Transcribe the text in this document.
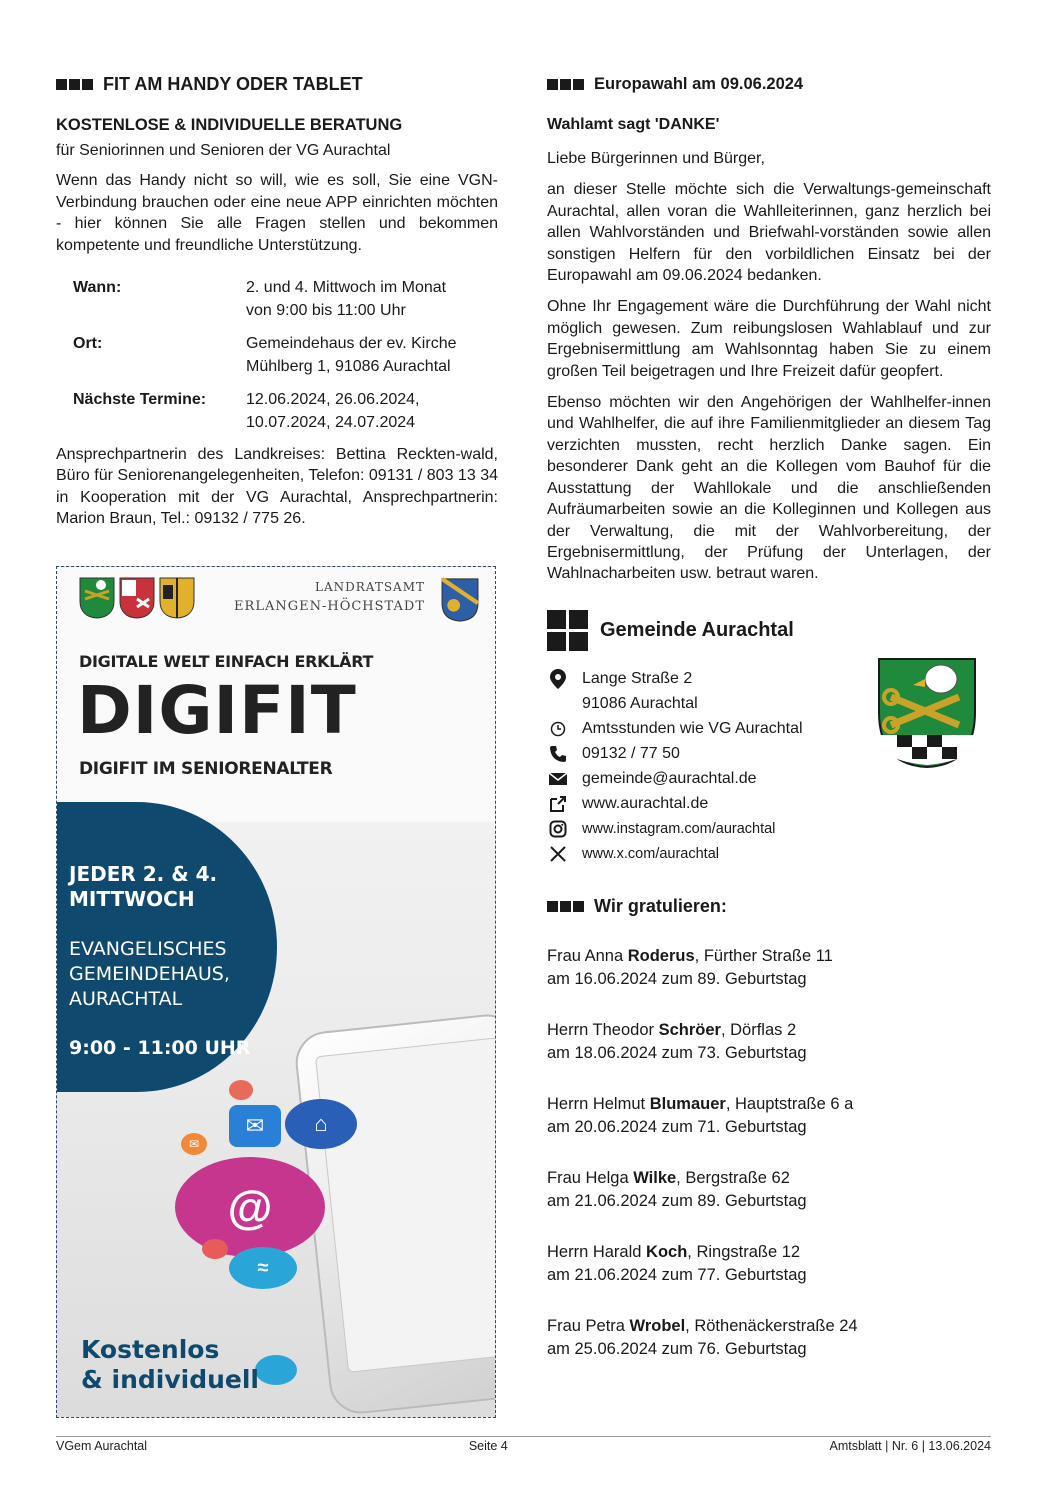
FIT AM HANDY ODER TABLET
KOSTENLOSE & INDIVIDUELLE BERATUNG
für Seniorinnen und Senioren der VG Aurachtal
Wenn das Handy nicht so will, wie es soll, Sie eine VGN-Verbindung brauchen oder eine neue APP einrichten möchten - hier können Sie alle Fragen stellen und bekommen kompetente und freundliche Unterstützung.
Wann:	2. und 4. Mittwoch im Monat
von 9:00 bis 11:00 Uhr
Ort:	Gemeindehaus der ev. Kirche
Mühlberg 1, 91086 Aurachtal
Nächste Termine:	12.06.2024, 26.06.2024,
10.07.2024, 24.07.2024
Ansprechpartnerin des Landkreises: Bettina Reckten-wald, Büro für Seniorenangelegenheiten, Telefon: 09131 / 803 13 34 in Kooperation mit der VG Aurachtal, Ansprechpartnerin: Marion Braun, Tel.: 09132 / 775 26.
LANDRATSAMT
ERLANGEN-HÖCHSTADT
DIGITALE WELT EINFACH ERKLÄRT
DIGIFIT
DIGIFIT IM SENIORENALTER
JEDER 2. & 4.
MITTWOCH
EVANGELISCHES
GEMEINDEHAUS,
AURACHTAL
9:00 - 11:00 UHR
✉
✉	⌂
@
≈
Kostenlos
& individuell
Europawahl am 09.06.2024
Wahlamt sagt 'DANKE'
Liebe Bürgerinnen und Bürger,
an dieser Stelle möchte sich die Verwaltungs-gemeinschaft Aurachtal, allen voran die Wahlleiterinnen, ganz herzlich bei allen Wahlvorständen und Briefwahl-vorständen sowie allen sonstigen Helfern für den vorbildlichen Einsatz bei der Europawahl am 09.06.2024 bedanken.
Ohne Ihr Engagement wäre die Durchführung der Wahl nicht möglich gewesen. Zum reibungslosen Wahlablauf und zur Ergebnisermittlung am Wahlsonntag haben Sie zu einem großen Teil beigetragen und Ihre Freizeit dafür geopfert.
Ebenso möchten wir den Angehörigen der Wahlhelfer-innen und Wahlhelfer, die auf ihre Familienmitglieder an diesem Tag verzichten mussten, recht herzlich Danke sagen. Ein besonderer Dank geht an die Kollegen vom Bauhof für die Ausstattung der Wahllokale und die anschließenden Aufräumarbeiten sowie an die Kolleginnen und Kollegen aus der Verwaltung, die mit der Wahlvorbereitung, der Ergebnisermittlung, der Prüfung der Unterlagen, der Wahlnacharbeiten usw. betraut waren.
Gemeinde Aurachtal
Lange Straße 2
91086 Aurachtal
Amtsstunden wie VG Aurachtal
09132 / 77 50
gemeinde@aurachtal.de
www.aurachtal.de
www.instagram.com/aurachtal
www.x.com/aurachtal
Wir gratulieren:
Frau Anna Roderus, Fürther Straße 11
am 16.06.2024 zum 89. Geburtstag
Herrn Theodor Schröer, Dörflas 2
am 18.06.2024 zum 73. Geburtstag
Herrn Helmut Blumauer, Hauptstraße 6 a
am 20.06.2024 zum 71. Geburtstag
Frau Helga Wilke, Bergstraße 62
am 21.06.2024 zum 89. Geburtstag
Herrn Harald Koch, Ringstraße 12
am 21.06.2024 zum 77. Geburtstag
Frau Petra Wrobel, Röthenäckerstraße 24
am 25.06.2024 zum 76. Geburtstag
VGem Aurachtal	Seite 4	Amtsblatt | Nr. 6 | 13.06.2024
